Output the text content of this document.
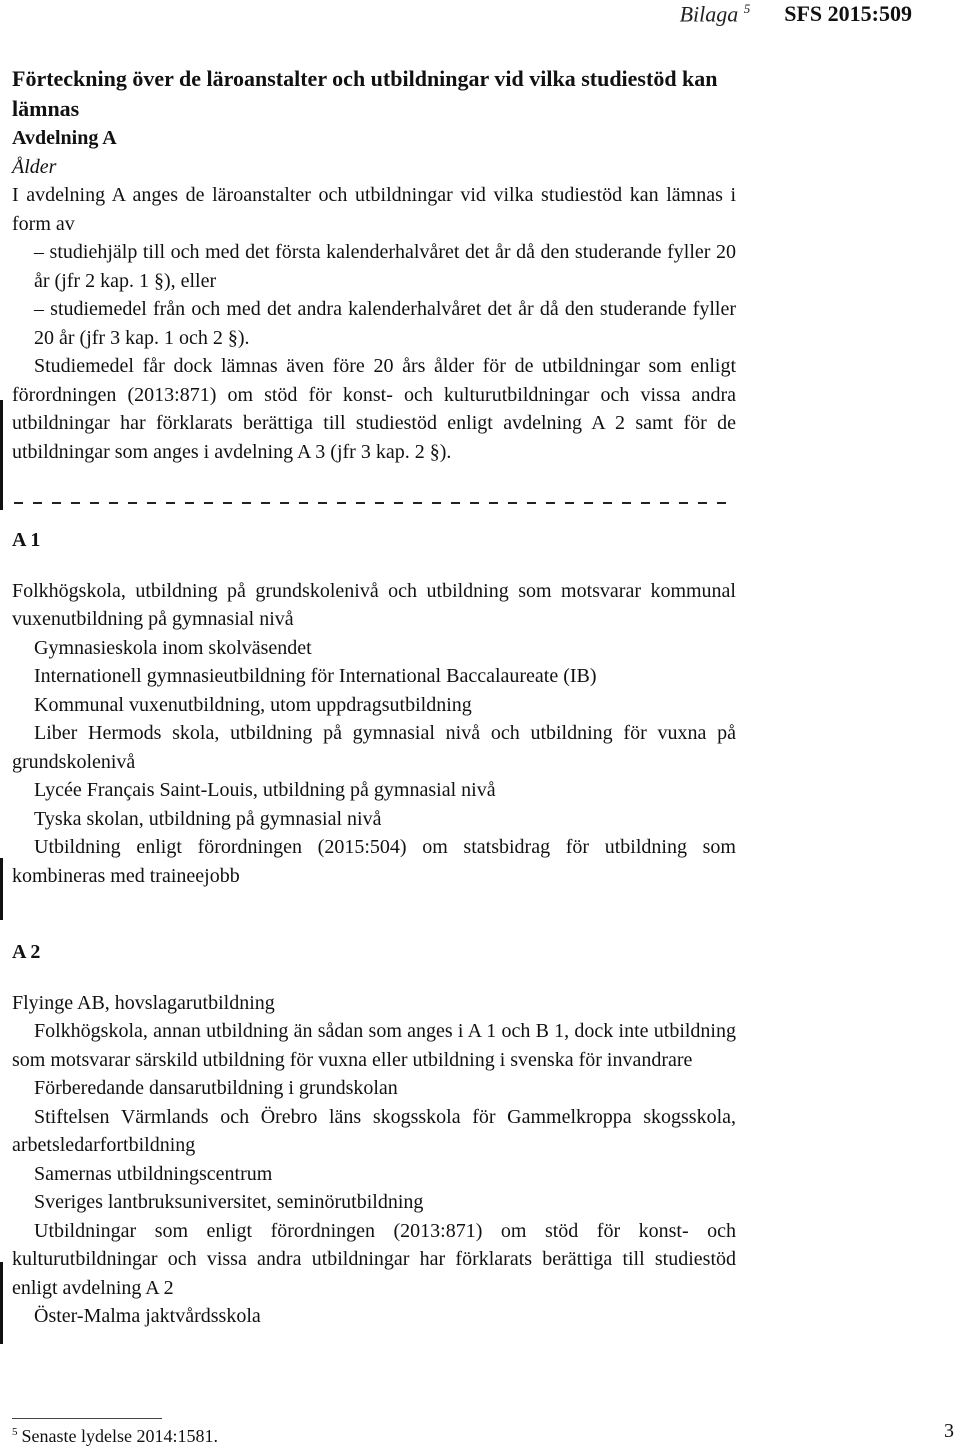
Bilaga $^5$ SFS 2015:509

Förteckning över de läroanstalter och utbildningar vid vilka studiestöd kan lämnas

Avdelning A

Ålder

I avdelning A anges de läroanstalter och utbildningar vid vilka studiestöd kan lämnas i form av

– studiehjälp till och med det första kalenderhalvåret det år då den studerande fyller 20 år (jfr 2 kap. 1 §), eller

– studiemedel från och med det andra kalenderhalvåret det år då den studerande fyller 20 år (jfr 3 kap. 1 och 2 §).

Studiemedel får dock lämnas även före 20 års ålder för de utbildningar som enligt förordningen (2013:871) om stöd för konst- och kulturutbildningar och vissa andra utbildningar har förklarats berättiga till studiestöd enligt avdelning A 2 samt för de utbildningar som anges i avdelning A 3 (jfr 3 kap. 2 §).

A 1

Folkhögskola, utbildning på grundskolenivå och utbildning som motsvarar kommunal vuxenutbildning på gymnasial nivå

Gymnasieskola inom skolväsendet

Internationell gymnasieutbildning för International Baccalaureate (IB)

Kommunal vuxenutbildning, utom uppdragsutbildning

Liber Hermods skola, utbildning på gymnasial nivå och utbildning för vuxna på grundskolenivå

Lycée Français Saint-Louis, utbildning på gymnasial nivå

Tyska skolan, utbildning på gymnasial nivå

Utbildning enligt förordningen (2015:504) om statsbidrag för utbildning som kombineras med traineejobb

A 2

Flyinge AB, hovslagarutbildning

Folkhögskola, annan utbildning än sådan som anges i A 1 och B 1, dock inte utbildning som motsvarar särskild utbildning för vuxna eller utbildning i svenska för invandrare

Förberedande dansarutbildning i grundskolan

Stiftelsen Värmlands och Örebro läns skogsskola för Gammelkroppa skogsskola, arbetsledarfortbildning

Samernas utbildningscentrum

Sveriges lantbruksuniversitet, seminörutbildning

Utbildningar som enligt förordningen (2013:871) om stöd för konst- och kulturutbildningar och vissa andra utbildningar har förklarats berättiga till studiestöd enligt avdelning A 2

Öster-Malma jaktvårdsskola

$^5$ Senaste lydelse 2014:1581.	3
